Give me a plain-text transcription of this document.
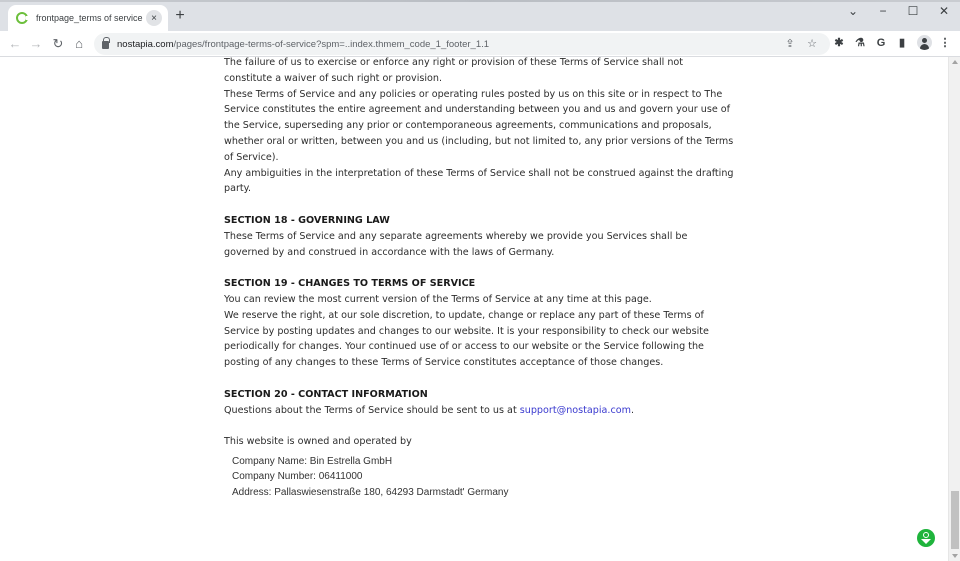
frontpage_terms of service ×	+	⌄	−	☐	✕
← → ↻ ⌂	nostapia.com/pages/frontpage-terms-of-service?spm=..index.thmem_code_1_footer_1.1	⇪	☆	✱	⚗	G	▮	⋮

The failure of us to exercise or enforce any right or provision of these Terms of Service shall not constitute a waiver of such right or provision.

These Terms of Service and any policies or operating rules posted by us on this site or in respect to The Service constitutes the entire agreement and understanding between you and us and govern your use of the Service, superseding any prior or contemporaneous agreements, communications and proposals, whether oral or written, between you and us (including, but not limited to, any prior versions of the Terms of Service).

Any ambiguities in the interpretation of these Terms of Service shall not be construed against the drafting party.

SECTION 18 - GOVERNING LAW

These Terms of Service and any separate agreements whereby we provide you Services shall be governed by and construed in accordance with the laws of Germany.

SECTION 19 - CHANGES TO TERMS OF SERVICE

You can review the most current version of the Terms of Service at any time at this page.

We reserve the right, at our sole discretion, to update, change or replace any part of these Terms of Service by posting updates and changes to our website. It is your responsibility to check our website periodically for changes. Your continued use of or access to our website or the Service following the posting of any changes to these Terms of Service constitutes acceptance of those changes.

SECTION 20 - CONTACT INFORMATION

Questions about the Terms of Service should be sent to us at support@nostapia.com.

This website is owned and operated by

Company Name: Bin Estrella GmbH
Company Number: 06411000
Address: Pallaswiesenstraße 180, 64293 Darmstadt' Germany
